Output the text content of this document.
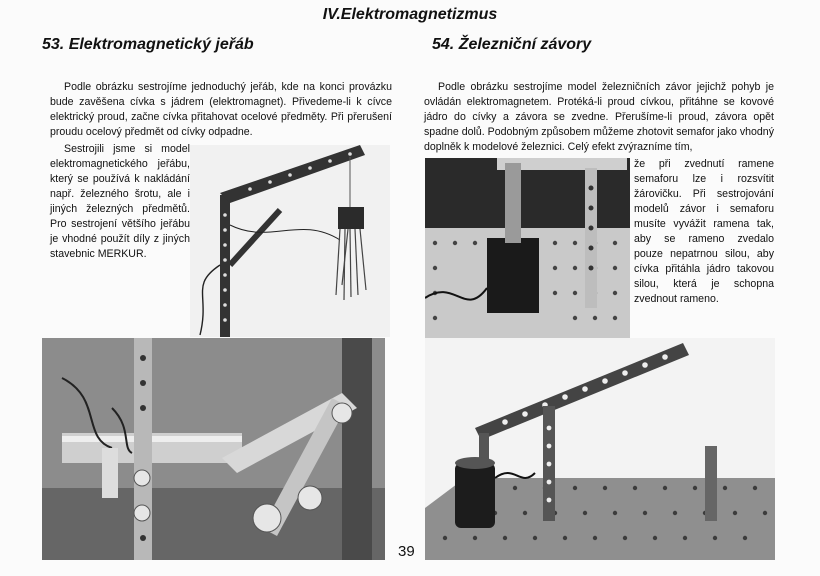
IV.Elektromagnetizmus
53. Elektromagnetický jeřáb

Podle obrázku sestrojíme jednoduchý jeřáb, kde na konci provázku bude zavěšena cívka s jádrem (elektromagnet). Přivedeme-li k cívce elektrický proud, začne cívka přitahovat ocelové předměty. Při přerušení proudu ocelový předmět od cívky odpadne.

Sestrojili jsme si model elektromagnetického jeřábu, který se používá k nakládání např. železného šrotu, ale i jiných železných předmětů. Pro sestrojení většího jeřábu je vhodné použít díly z jiných stavebnic MERKUR.

39
54. Železniční závory

Podle obrázku sestrojíme model železničních závor jejichž pohyb je ovládán elektromagnetem. Protéká-li proud cívkou, přitáhne se kovové jádro do cívky a závora se zvedne. Přerušíme-li proud, závora opět spadne dolů. Podobným způsobem můžeme zhotovit semafor jako vhodný doplněk k modelové železnici. Celý efekt zvýrazníme tím,

že při zvednutí ramene semaforu lze i rozsvítit žárovičku. Při sestrojování modelů závor i semaforu musíte vyvážit ramena tak, aby se rameno zvedalo pouze nepatrnou silou, aby cívka přitáhla jádro takovou silou, která je schopna zvednout rameno.
